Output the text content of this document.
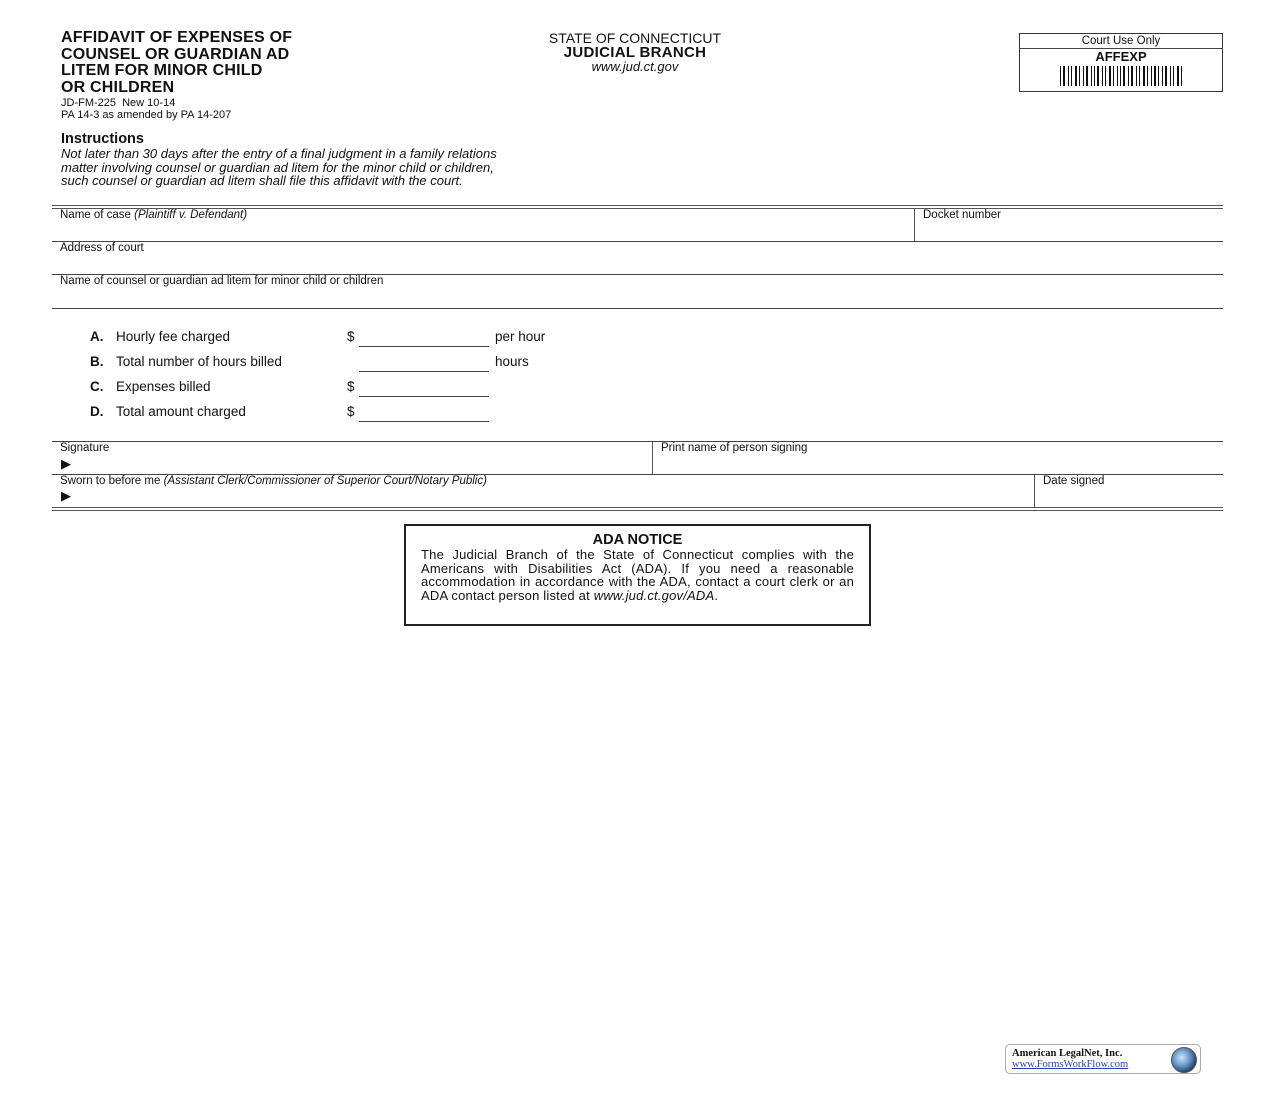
AFFIDAVIT OF EXPENSES OF
COUNSEL OR GUARDIAN AD
LITEM FOR MINOR CHILD
OR CHILDREN
JD-FM-225  New 10-14
PA 14-3 as amended by PA 14-207
STATE OF CONNECTICUT
JUDICIAL BRANCH
www.jud.ct.gov
Court Use Only
AFFEXP
Instructions
Not later than 30 days after the entry of a final judgment in a family relations
matter involving counsel or guardian ad litem for the minor child or children,
such counsel or guardian ad litem shall file this affidavit with the court.
Name of case (Plaintiff v. Defendant)	Docket number
Address of court
Name of counsel or guardian ad litem for minor child or children
A. Hourly fee charged	$	per hour
B. Total number of hours billed	hours
C. Expenses billed	$
D. Total amount charged	$
Signature
▶
Print name of person signing
Sworn to before me (Assistant Clerk/Commissioner of Superior Court/Notary Public)
▶
Date signed
ADA NOTICE
The Judicial Branch of the State of Connecticut complies with the Americans with Disabilities Act (ADA). If you need a reasonable accommodation in accordance with the ADA, contact a court clerk or an ADA contact person listed at www.jud.ct.gov/ADA.
American LegalNet, Inc.
www.FormsWorkFlow.com
